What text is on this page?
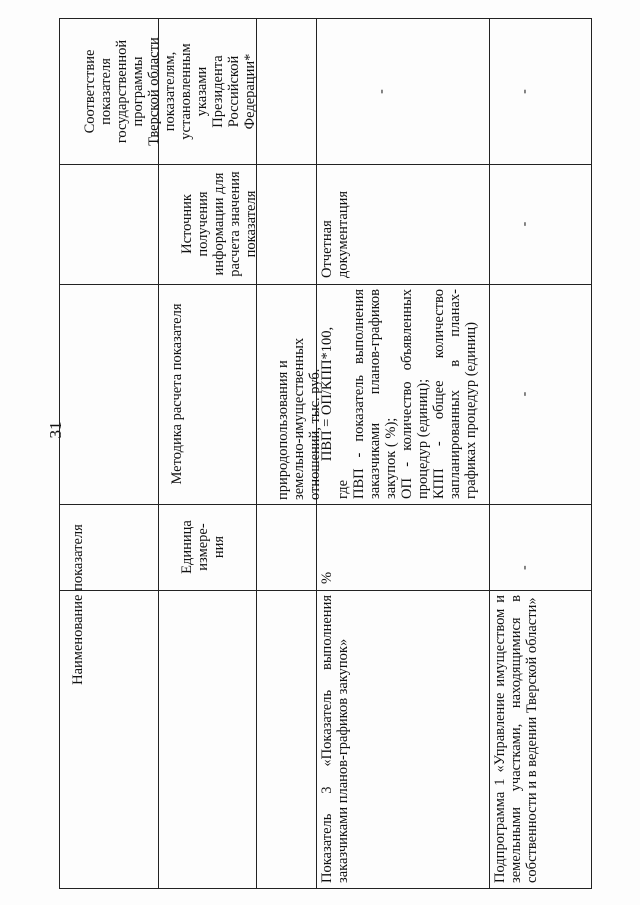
31
Наименование показателя
Методика расчета показателя

Единица
измере-
ния

Источник
получения
информации для
расчета значения
показателя

Соответствие
показателя
государственной
программы
Тверской области
показателям,
установленным
указами
Президента
Российской
Федерации*

природопользования и
земельно-имущественных
отношений, тыс. руб.

Показатель 3 «Показатель выполнения заказчиками планов-графиков закупок»
%
ПВП = ОП/КПП*100,
где ПВП - показатель выполнения заказчиками планов-графиков закупок ( %); ОП - количество объявленных процедур (единиц); КПП - общее количество запланированных в планах-графиках процедур (единиц)
Отчетная документация
-
Подпрограмма 1 «Управление имуществом и земельными участками, находящимися в собственности и в ведении Тверской области»
-
-
-
-
